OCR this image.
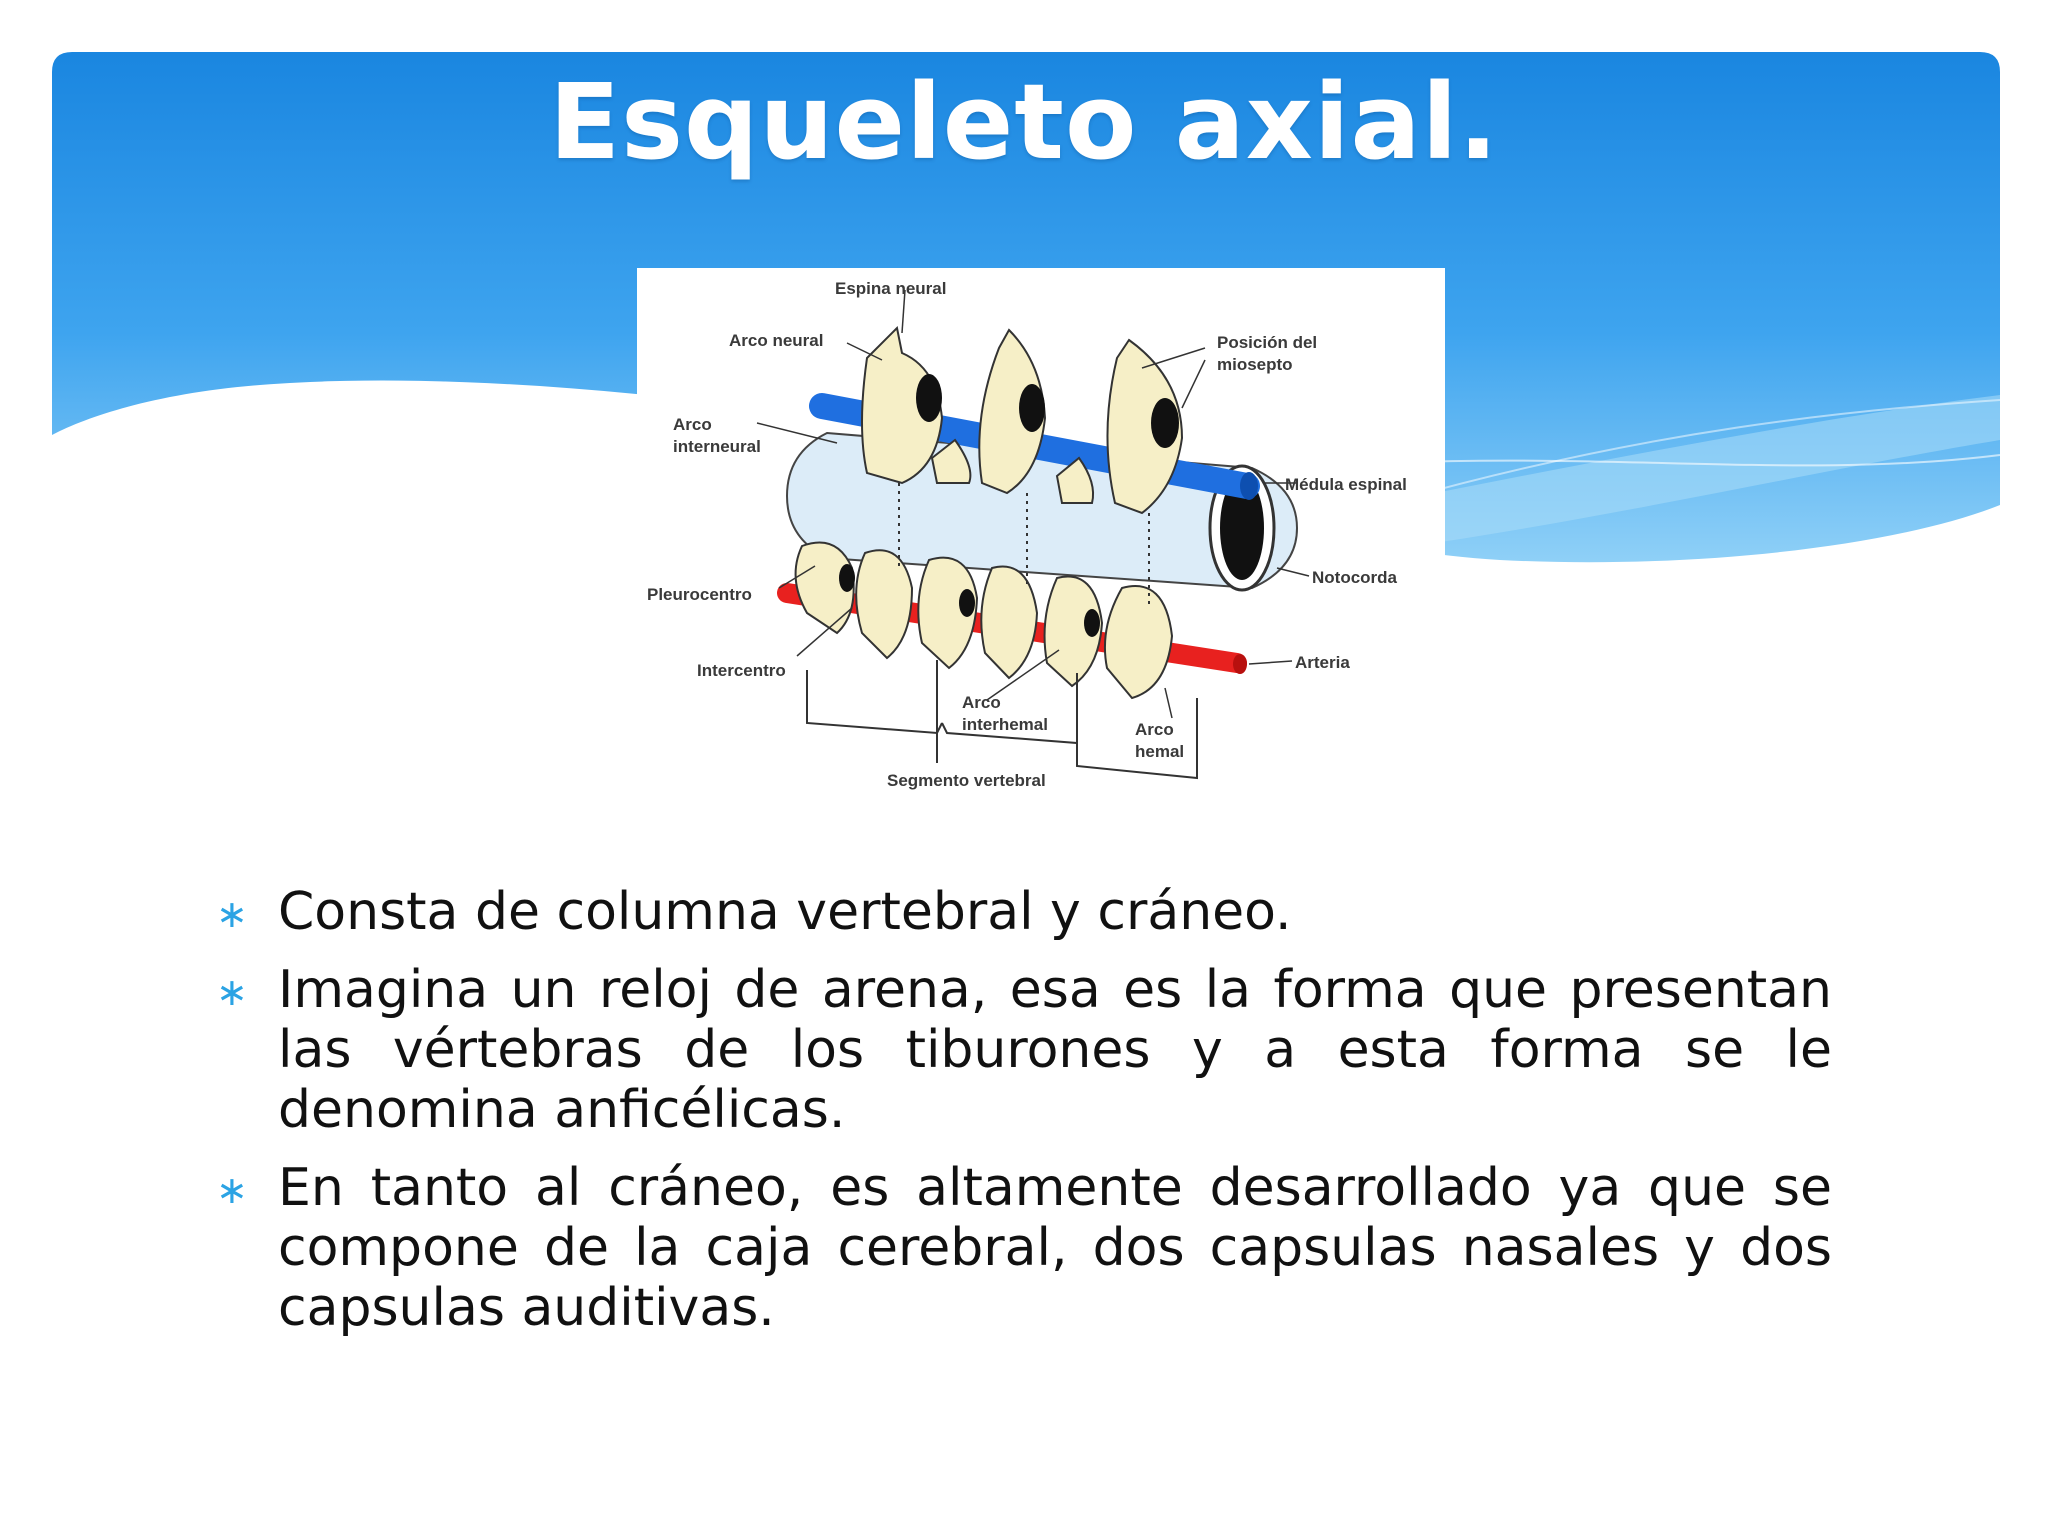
Esqueleto axial.
Espina neural
Arco neural
Arco
interneural
Posición del
miosepto
Médula espinal
Notocorda
Pleurocentro
Intercentro	Arteria
Arco
interhemal	Arco
hemal
Segmento vertebral
∗ Consta de columna vertebral y cráneo.
∗ Imagina un reloj de arena, esa es la forma que presentan las vértebras de los tiburones y a esta forma se le denomina anficélicas.
∗ En tanto al cráneo, es altamente desarrollado ya que se compone de la caja cerebral, dos capsulas nasales y dos capsulas auditivas.
